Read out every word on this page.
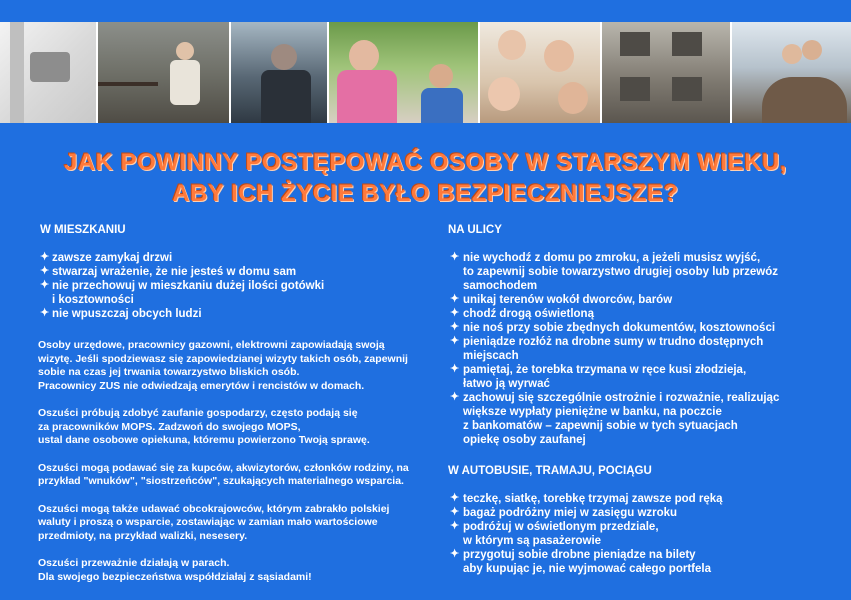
JAK POWINNY POSTĘPOWAĆ OSOBY W STARSZYM WIEKU,
ABY ICH ŻYCIE BYŁO BEZPIECZNIEJSZE?
W MIESZKANIU
✦ zawsze zamykaj drzwi
✦ stwarzaj wrażenie, że nie jesteś w domu sam
✦ nie przechowuj w mieszkaniu dużej ilości gotówki
i kosztowności
✦ nie wpuszczaj obcych ludzi
Osoby urzędowe, pracownicy gazowni, elektrowni zapowiadają swoją
wizytę. Jeśli spodziewasz się zapowiedzianej wizyty takich osób, zapewnij
sobie na czas jej trwania towarzystwo bliskich osób.
Pracownicy ZUS nie odwiedzają emerytów i rencistów w domach.
Oszuści próbują zdobyć zaufanie gospodarzy, często podają się
za pracowników MOPS. Zadzwoń do swojego MOPS,
ustal dane osobowe opiekuna, któremu powierzono Twoją sprawę.
Oszuści mogą podawać się za kupców, akwizytorów, członków rodziny, na
przykład "wnuków", "siostrzeńców", szukających materialnego wsparcia.
Oszuści mogą także udawać obcokrajowców, którym zabrakło polskiej
waluty i proszą o wsparcie, zostawiając w zamian mało wartościowe
przedmioty, na przykład walizki, nesesery.
Oszuści przeważnie działają w parach.
Dla swojego bezpieczeństwa współdziałaj z sąsiadami!
NA ULICY
✦ nie wychodź z domu po zmroku, a jeżeli musisz wyjść,
to zapewnij sobie towarzystwo drugiej osoby lub przewóz
samochodem
✦ unikaj terenów wokół dworców, barów
✦ chodź drogą oświetloną
✦ nie noś przy sobie zbędnych dokumentów, kosztowności
✦ pieniądze rozłóż na drobne sumy w trudno dostępnych
miejscach
✦ pamiętaj, że torebka trzymana w ręce kusi złodzieja,
łatwo ją wyrwać
✦ zachowuj się szczególnie ostrożnie i rozważnie, realizując
większe wypłaty pieniężne w banku, na poczcie
z bankomatów – zapewnij sobie w tych sytuacjach
opiekę osoby zaufanej
W AUTOBUSIE, TRAMAJU, POCIĄGU
✦ teczkę, siatkę, torebkę trzymaj zawsze pod ręką
✦ bagaż podróżny miej w zasięgu wzroku
✦ podróżuj w oświetlonym przedziale,
w którym są pasażerowie
✦ przygotuj sobie drobne pieniądze na bilety
aby kupując je, nie wyjmować całego portfela
